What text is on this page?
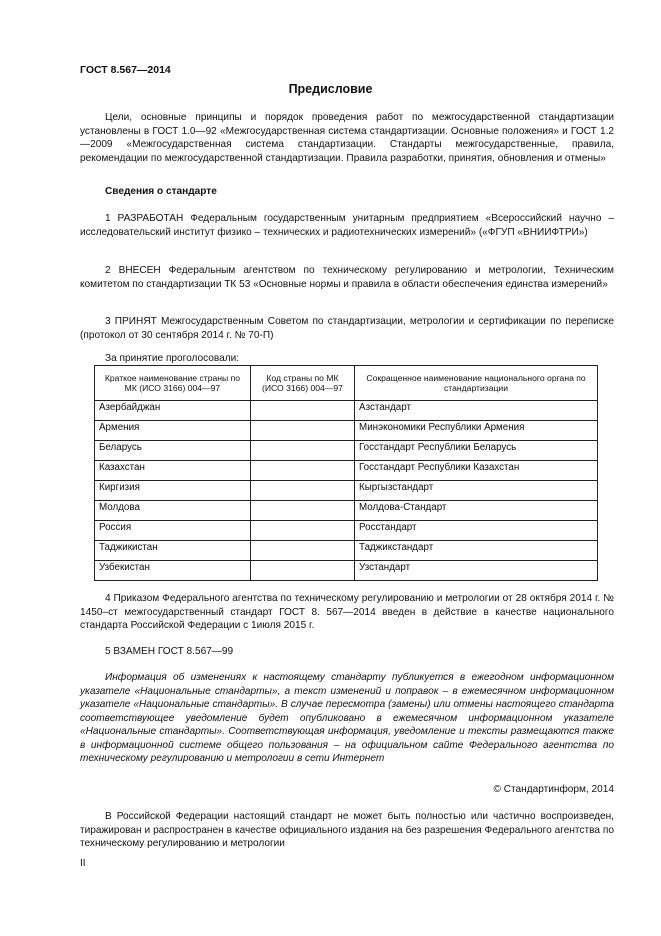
ГОСТ 8.567—2014
Предисловие

Цели, основные принципы и порядок проведения работ по межгосударственной стандартизации установлены в ГОСТ 1.0—92 «Межгосударственная система стандартизации. Основные положения» и ГОСТ 1.2—2009 «Межгосударственная система стандартизации. Стандарты межгосударственные, правила, рекомендации по межгосударственной стандартизации. Правила разработки, принятия, обновления и отмены»

Сведения о стандарте

1 РАЗРАБОТАН Федеральным государственным унитарным предприятием «Всероссийский научно – исследовательский институт физико – технических и радиотехнических измерений» («ФГУП «ВНИИФТРИ»)

2 ВНЕСЕН Федеральным агентством по техническому регулированию и метрологии, Техническим комитетом по стандартизации ТК 53 «Основные нормы и правила в области обеспечения единства измерений»

3 ПРИНЯТ Межгосударственным Советом по стандартизации, метрологии и сертификации по переписке (протокол от 30 сентября 2014 г. № 70-П)

За принятие проголосовали:
Краткое наименование страны по МК (ИСО 3166) 004—97	Код страны по МК (ИСО 3166) 004—97	Сокращенное наименование национального органа по стандартизации
Азербайджан		Азстандарт
Армения		Минэкономики Республики Армения
Беларусь		Госстандарт Республики Беларусь
Казахстан		Госстандарт Республики Казахстан
Киргизия		Кыргызстандарт
Молдова		Молдова-Стандарт
Россия		Росстандарт
Таджикистан		Таджикстандарт
Узбекистан		Узстандарт

4 Приказом Федерального агентства по техническому регулированию и метрологии от 28 октября 2014 г. № 1450–ст межгосударственный стандарт ГОСТ 8. 567—2014 введен в действие в качестве национального стандарта Российской Федерации с 1июля 2015 г.

5 ВЗАМЕН ГОСТ 8.567—99

Информация об изменениях к настоящему стандарту публикуется в ежегодном информационном указателе «Национальные стандарты», а текст изменений и поправок – в ежемесячном информационном указателе «Национальные стандарты». В случае пересмотра (замены) или отмены настоящего стандарта соответствующее уведомление будет опубликовано в ежемесячном информационном указателе «Национальные стандарты». Соответствующая информация, уведомление и тексты размещаются также в информационной системе общего пользования – на официальном сайте Федерального агентства по техническому регулированию и метрологии в сети Интернет

© Стандартинформ, 2014

В Российской Федерации настоящий стандарт не может быть полностью или частично воспроизведен, тиражирован и распространен в качестве официального издания на без разрешения Федерального агентства по техническому регулированию и метрологии

II
